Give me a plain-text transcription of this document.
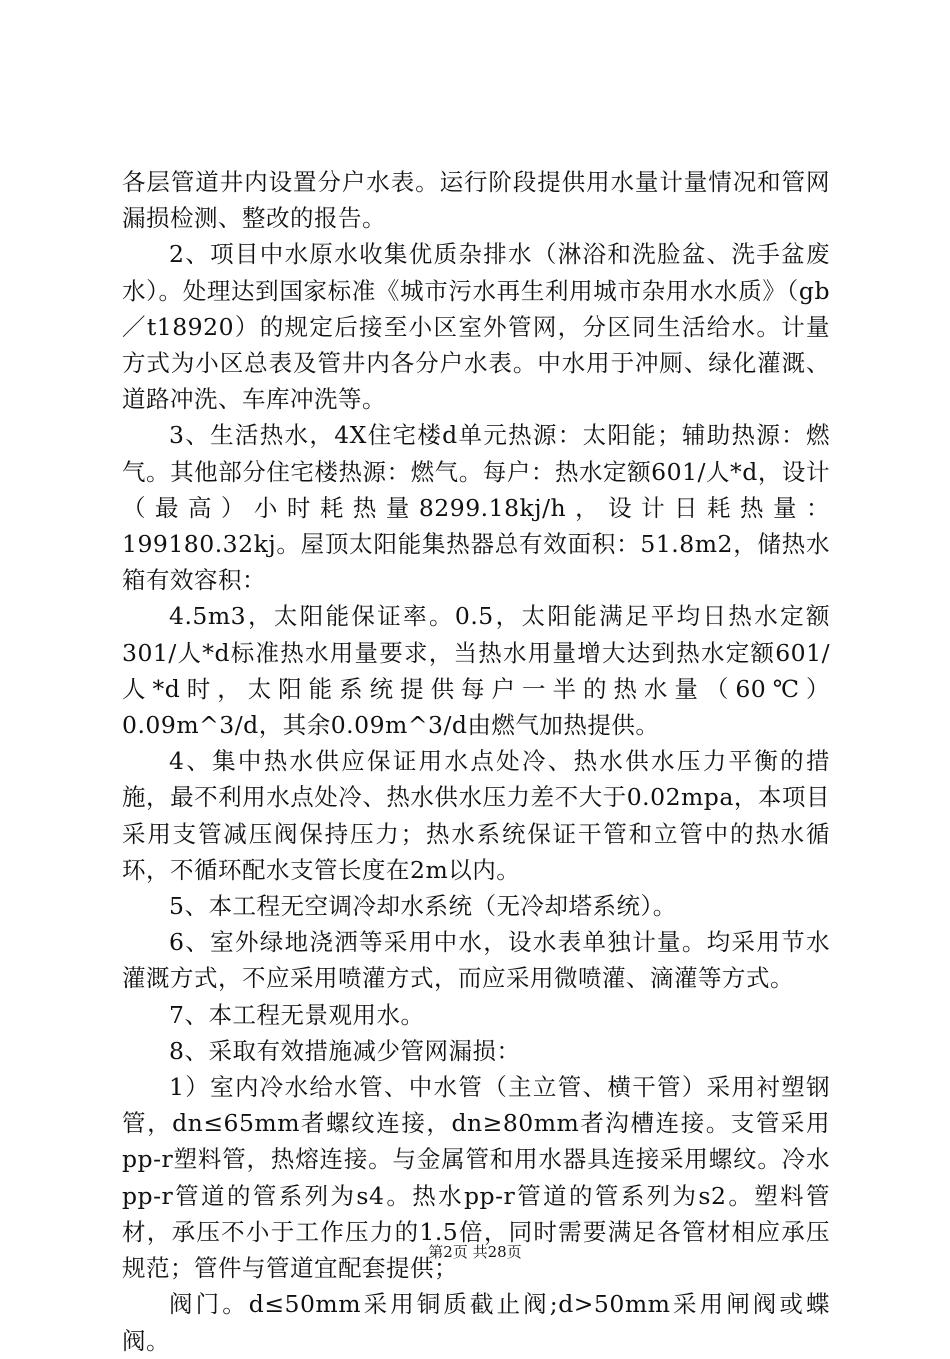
各层管道井内设置分户水表。运行阶段提供用水量计量情况和管网漏损检测、整改的报告。

2、项目中水原水收集优质杂排水（淋浴和洗脸盆、洗手盆废水）。处理达到国家标准《城市污水再生利用城市杂用水水质》（gb／t18920）的规定后接至小区室外管网，分区同生活给水。计量方式为小区总表及管井内各分户水表。中水用于冲厕、绿化灌溉、道路冲洗、车库冲洗等。

3、生活热水，4X住宅楼d单元热源：太阳能；辅助热源：燃气。其他部分住宅楼热源：燃气。每户：热水定额601/人*d，设计（最高）小时耗热量8299.18kj/h，设计日耗热量：199180.32kj。屋顶太阳能集热器总有效面积：51.8m2，储热水箱有效容积：

4.5m3，太阳能保证率。0.5，太阳能满足平均日热水定额301/人*d标准热水用量要求，当热水用量增大达到热水定额601/人*d时，太阳能系统提供每户一半的热水量（60℃）0.09m^3/d，其余0.09m^3/d由燃气加热提供。

4、集中热水供应保证用水点处冷、热水供水压力平衡的措施，最不利用水点处冷、热水供水压力差不大于0.02mpa，本项目采用支管减压阀保持压力；热水系统保证干管和立管中的热水循环，不循环配水支管长度在2m以内。

5、本工程无空调冷却水系统（无冷却塔系统）。

6、室外绿地浇洒等采用中水，设水表单独计量。均采用节水灌溉方式，不应采用喷灌方式，而应采用微喷灌、滴灌等方式。

7、本工程无景观用水。

8、采取有效措施减少管网漏损：

1）室内冷水给水管、中水管（主立管、横干管）采用衬塑钢管，dn≤65mm者螺纹连接，dn≥80mm者沟槽连接。支管采用pp-r塑料管，热熔连接。与金属管和用水器具连接采用螺纹。冷水pp-r管道的管系列为s4。热水pp-r管道的管系列为s2。塑料管材，承压不小于工作压力的1.5倍，同时需要满足各管材相应承压规范；管件与管道宜配套提供；

阀门。d≤50mm采用铜质截止阀;d>50mm采用闸阀或蝶阀。

第2页 共28页
